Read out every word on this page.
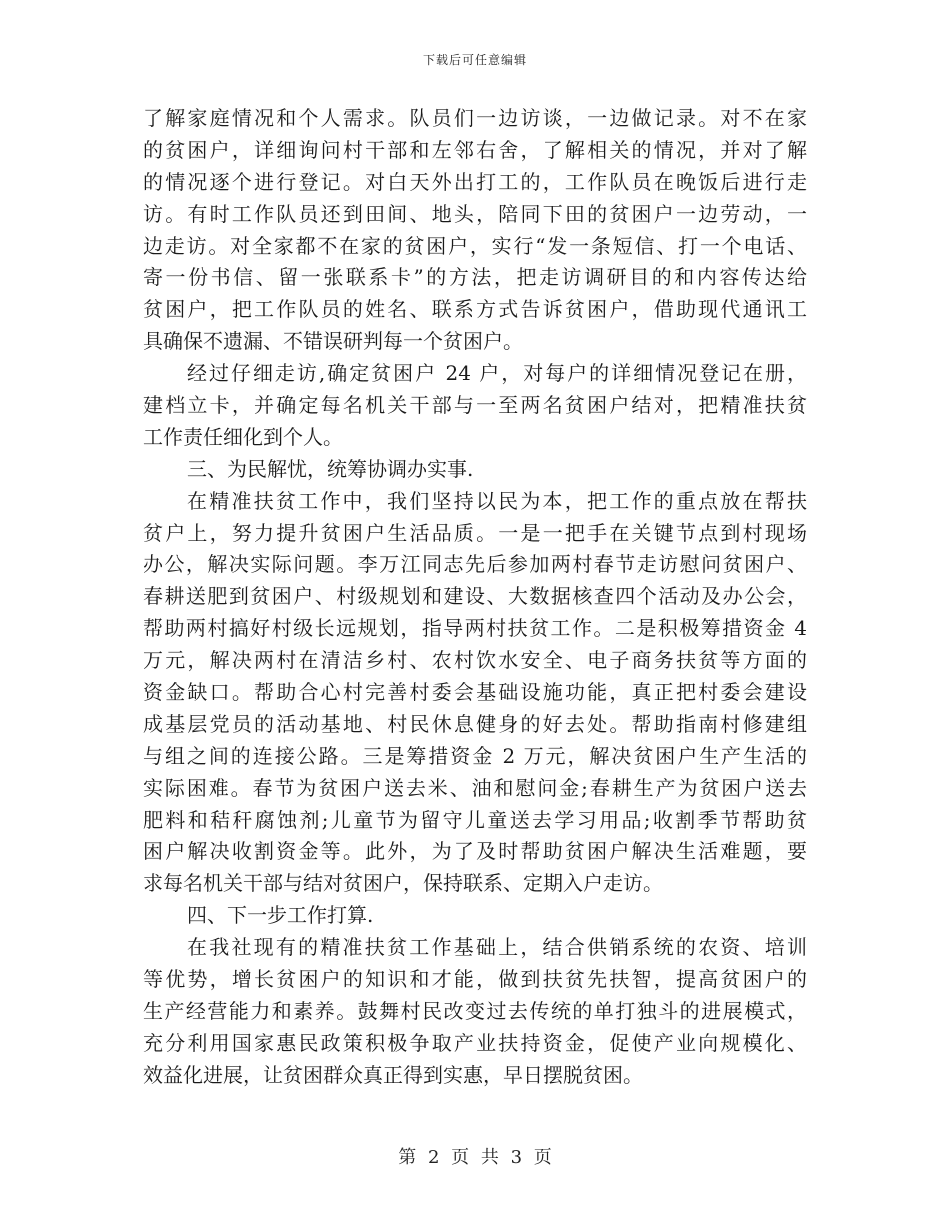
下载后可任意编辑
了解家庭情况和个人需求。队员们一边访谈，一边做记录。对不在家
的贫困户，详细询问村干部和左邻右舍，了解相关的情况，并对了解
的情况逐个进行登记。对白天外出打工的，工作队员在晚饭后进行走
访。有时工作队员还到田间、地头，陪同下田的贫困户一边劳动，一
边走访。对全家都不在家的贫困户，实行“发一条短信、打一个电话、
寄一份书信、留一张联系卡”的方法，把走访调研目的和内容传达给
贫困户，把工作队员的姓名、联系方式告诉贫困户，借助现代通讯工
具确保不遗漏、不错误研判每一个贫困户。
经过仔细走访,确定贫困户 24 户，对每户的详细情况登记在册，
建档立卡，并确定每名机关干部与一至两名贫困户结对，把精准扶贫
工作责任细化到个人。
三、为民解忧，统筹协调办实事.
在精准扶贫工作中，我们坚持以民为本，把工作的重点放在帮扶
贫户上，努力提升贫困户生活品质。一是一把手在关键节点到村现场
办公，解决实际问题。李万江同志先后参加两村春节走访慰问贫困户、
春耕送肥到贫困户、村级规划和建设、大数据核查四个活动及办公会，
帮助两村搞好村级长远规划，指导两村扶贫工作。二是积极筹措资金 4
万元，解决两村在清洁乡村、农村饮水安全、电子商务扶贫等方面的
资金缺口。帮助合心村完善村委会基础设施功能，真正把村委会建设
成基层党员的活动基地、村民休息健身的好去处。帮助指南村修建组
与组之间的连接公路。三是筹措资金 2 万元，解决贫困户生产生活的
实际困难。春节为贫困户送去米、油和慰问金;春耕生产为贫困户送去
肥料和秸秆腐蚀剂;儿童节为留守儿童送去学习用品;收割季节帮助贫
困户解决收割资金等。此外，为了及时帮助贫困户解决生活难题，要
求每名机关干部与结对贫困户，保持联系、定期入户走访。
四、下一步工作打算.
在我社现有的精准扶贫工作基础上，结合供销系统的农资、培训
等优势，增长贫困户的知识和才能，做到扶贫先扶智，提高贫困户的
生产经营能力和素养。鼓舞村民改变过去传统的单打独斗的进展模式，
充分利用国家惠民政策积极争取产业扶持资金，促使产业向规模化、
效益化进展，让贫困群众真正得到实惠，早日摆脱贫困。
第 2 页 共 3 页
